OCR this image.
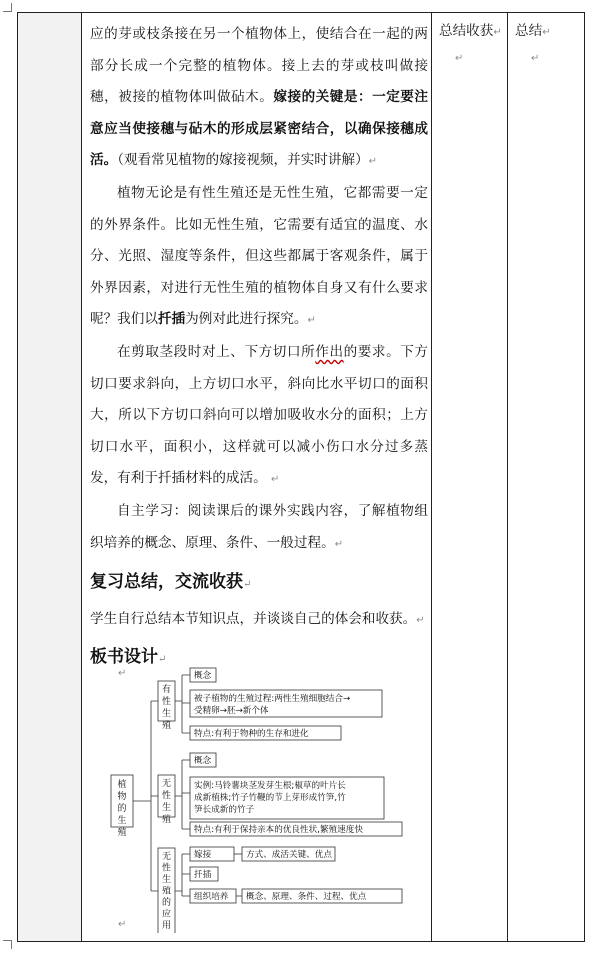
应的芽或枝条接在另一个植物体上，使结合在一起的两部分长成一个完整的植物体。接上去的芽或枝叫做接穗，被接的植物体叫做砧木。嫁接的关键是：一定要注意应当使接穗与砧木的形成层紧密结合，以确保接穗成活。（观看常见植物的嫁接视频，并实时讲解）↵

植物无论是有性生殖还是无性生殖，它都需要一定的外界条件。比如无性生殖，它需要有适宜的温度、水分、光照、湿度等条件，但这些都属于客观条件，属于外界因素，对进行无性生殖的植物体自身又有什么要求呢？我们以扦插为例对此进行探究。↵

在剪取茎段时对上、下方切口所作出的要求。下方切口要求斜向，上方切口水平，斜向比水平切口的面积大，所以下方切口斜向可以增加吸收水分的面积；上方切口水平，面积小，这样就可以减小伤口水分过多蒸发，有利于扦插材料的成活。 ↵

自主学习：阅读课后的课外实践内容，了解植物组织培养的概念、原理、条件、一般过程。↵

复习总结，交流收获↵

学生自行总结本节知识点，并谈谈自己的体会和收获。↵

板书设计↵

植物的生殖
有性生殖
无性生殖
无性生殖的应用
概念
被子植物的生殖过程:两性生殖细胞结合→受精卵→胚→新个体
特点:有利于物种的生存和进化
概念
实例:马铃薯块茎发芽生根;椒草的叶片长成新植株;竹子竹鞭的节上芽形成竹笋,竹笋长成新的竹子
特点:有利于保持亲本的优良性状,繁殖速度快
嫁接
扦插
组织培养
方式、成活关键、优点
概念、原理、条件、过程、优点
↵
↵
总结收获↵
↵
总结↵
↵
